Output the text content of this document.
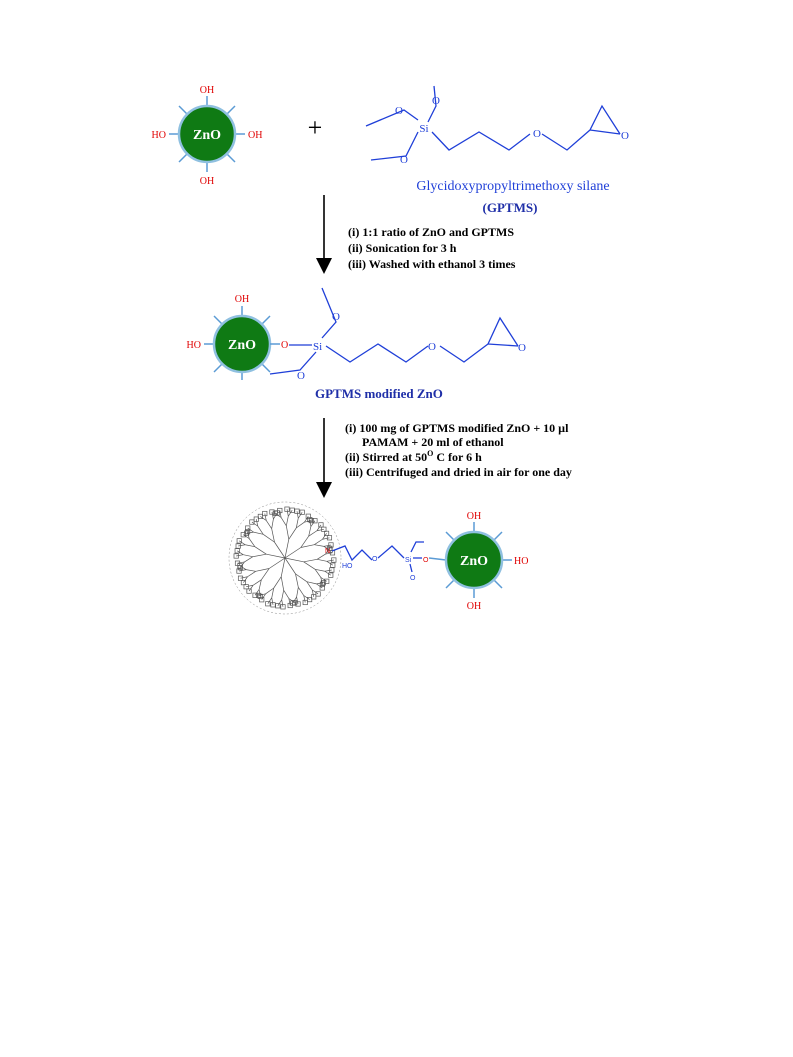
ZnO
OH
HO	OH
OH
+	Si
O
O
O
O	O
Glycidoxypropyltrimethoxy silane
(GPTMS)
(i) 1:1 ratio of ZnO and GPTMS
(ii) Sonication for 3 h
(iii) Washed with ethanol 3 times
ZnO
OH
HO	O Si
O
O
O	O
GPTMS modified ZnO
(i) 100 mg of GPTMS modified ZnO + 10 µl
PAMAM + 20 ml of ethanol
(ii) Stirred at $50^O$ C for 6 h
(iii) Centrifuged and dried in air for one day
N
HO
O	Si
O
O ZnO
OH
HO
OH
